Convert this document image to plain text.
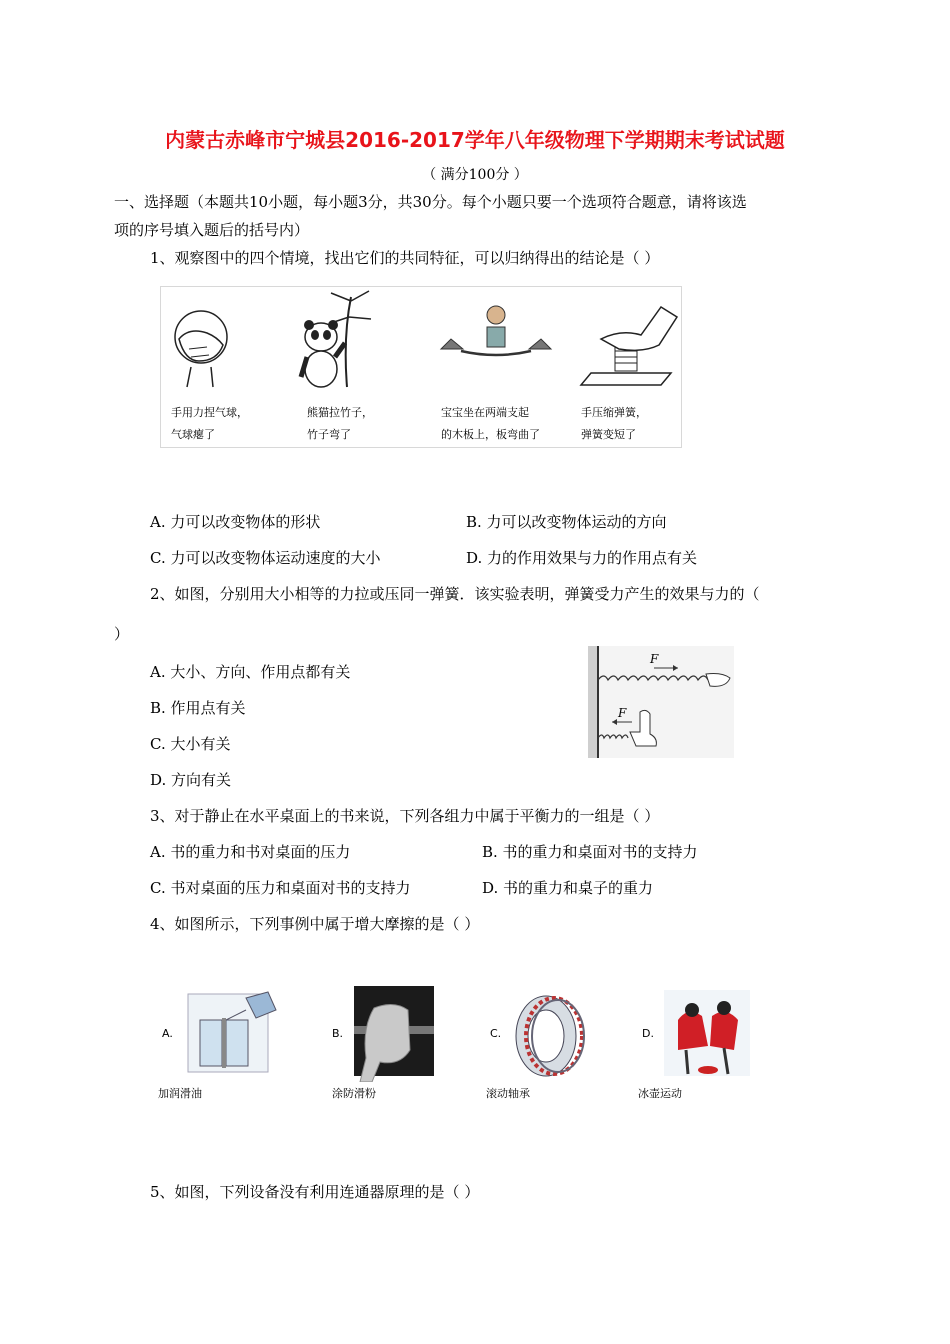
内蒙古赤峰市宁城县2016-2017学年八年级物理下学期期末考试试题
（ 满分100分 ）
一、选择题（本题共10小题，每小题3分，共30分。每个小题只要一个选项符合题意，请将该选
项的序号填入题后的括号内）
1、观察图中的四个情境，找出它们的共同特征，可以归纳得出的结论是（ ）
手用力捏气球，
气球瘪了
熊猫拉竹子，
竹子弯了
宝宝坐在两端支起
的木板上，板弯曲了
手压缩弹簧，
弹簧变短了
A. 力可以改变物体的形状	B. 力可以改变物体运动的方向
C. 力可以改变物体运动速度的大小	D. 力的作用效果与力的作用点有关
2、如图，分别用大小相等的力拉或压同一弹簧．该实验表明，弹簧受力产生的效果与力的（
）
A. 大小、方向、作用点都有关
B. 作用点有关
C. 大小有关
D. 方向有关
F
F
3、对于静止在水平桌面上的书来说，下列各组力中属于平衡力的一组是（ ）
A. 书的重力和书对桌面的压力	B. 书的重力和桌面对书的支持力
C. 书对桌面的压力和桌面对书的支持力	D. 书的重力和桌子的重力
4、如图所示，下列事例中属于增大摩擦的是（ ）
A.
加润滑油
B.
涂防滑粉
C.
滚动轴承
D.
冰壶运动
5、如图，下列设备没有利用连通器原理的是（ ）
